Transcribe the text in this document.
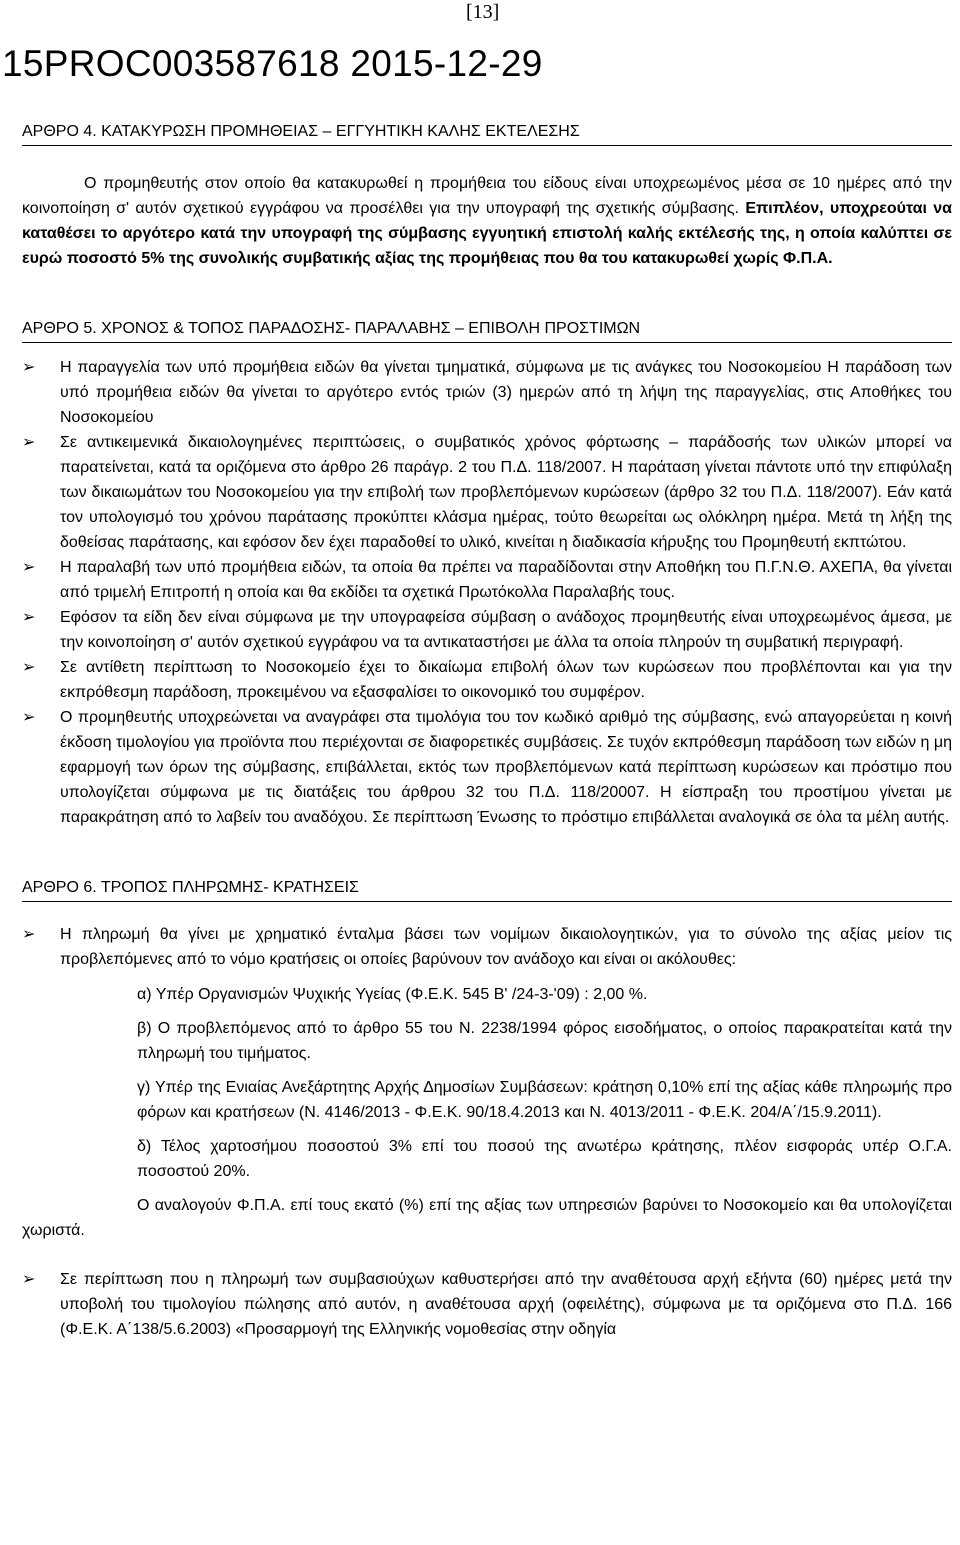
[13]
15PROC003587618 2015-12-29

ΑΡΘΡΟ 4. ΚΑΤΑΚΥΡΩΣΗ ΠΡΟΜΗΘΕΙΑΣ – ΕΓΓΥΗΤΙΚΗ ΚΑΛΗΣ ΕΚΤΕΛΕΣΗΣ

Ο προμηθευτής στον οποίο θα κατακυρωθεί η προμήθεια του είδους είναι υποχρεωμένος μέσα σε 10 ημέρες από την κοινοποίηση σ' αυτόν σχετικού εγγράφου να προσέλθει για την υπογραφή της σχετικής σύμβασης. Επιπλέον, υποχρεούται να καταθέσει το αργότερο κατά την υπογραφή της σύμβασης εγγυητική επιστολή καλής εκτέλεσής της, η οποία καλύπτει σε ευρώ ποσοστό 5% της συνολικής συμβατικής αξίας της προμήθειας που θα του κατακυρωθεί χωρίς Φ.Π.Α.

ΑΡΘΡΟ 5. ΧΡΟΝΟΣ & ΤΟΠΟΣ ΠΑΡΑΔΟΣΗΣ- ΠΑΡΑΛΑΒΗΣ – ΕΠΙΒΟΛΗ ΠΡΟΣΤΙΜΩΝ

➢	Η παραγγελία των υπό προμήθεια ειδών θα γίνεται τμηματικά, σύμφωνα με τις ανάγκες του Νοσοκομείου Η παράδοση των υπό προμήθεια ειδών θα γίνεται το αργότερο εντός τριών (3) ημερών από τη λήψη της παραγγελίας, στις Αποθήκες του Νοσοκομείου
➢	Σε αντικειμενικά δικαιολογημένες περιπτώσεις, ο συμβατικός χρόνος φόρτωσης – παράδοσής των υλικών μπορεί να παρατείνεται, κατά τα οριζόμενα στο άρθρο 26 παράγρ. 2 του Π.Δ. 118/2007. Η παράταση γίνεται πάντοτε υπό την επιφύλαξη των δικαιωμάτων του Νοσοκομείου για την επιβολή των προβλεπόμενων κυρώσεων (άρθρο 32 του Π.Δ. 118/2007). Εάν κατά τον υπολογισμό του χρόνου παράτασης προκύπτει κλάσμα ημέρας, τούτο θεωρείται ως ολόκληρη ημέρα. Μετά τη λήξη της δοθείσας παράτασης, και εφόσον δεν έχει παραδοθεί το υλικό, κινείται η διαδικασία κήρυξης του Προμηθευτή εκπτώτου.
➢	Η παραλαβή των υπό προμήθεια ειδών, τα οποία θα πρέπει να παραδίδονται στην Αποθήκη του Π.Γ.Ν.Θ. ΑΧΕΠΑ, θα γίνεται από τριμελή Επιτροπή η οποία και θα εκδίδει τα σχετικά Πρωτόκολλα Παραλαβής τους.
➢	Εφόσον τα είδη δεν είναι σύμφωνα με την υπογραφείσα σύμβαση ο ανάδοχος προμηθευτής είναι υποχρεωμένος άμεσα, με την κοινοποίηση σ' αυτόν σχετικού εγγράφου να τα αντικαταστήσει με άλλα τα οποία πληρούν τη συμβατική περιγραφή.
➢	Σε αντίθετη περίπτωση το Νοσοκομείο έχει το δικαίωμα επιβολή όλων των κυρώσεων που προβλέπονται και για την εκπρόθεσμη παράδοση, προκειμένου να εξασφαλίσει το οικονομικό του συμφέρον.
➢	Ο προμηθευτής υποχρεώνεται να αναγράφει στα τιμολόγια του τον κωδικό αριθμό της σύμβασης, ενώ απαγορεύεται η κοινή έκδοση τιμολογίου για προϊόντα που περιέχονται σε διαφορετικές συμβάσεις. Σε τυχόν εκπρόθεσμη παράδοση των ειδών η μη εφαρμογή των όρων της σύμβασης, επιβάλλεται, εκτός των προβλεπόμενων κατά περίπτωση κυρώσεων και πρόστιμο που υπολογίζεται σύμφωνα με τις διατάξεις του άρθρου 32 του Π.Δ. 118/20007. Η είσπραξη του προστίμου γίνεται με παρακράτηση από το λαβείν του αναδόχου. Σε περίπτωση Ένωσης το πρόστιμο επιβάλλεται αναλογικά σε όλα τα μέλη αυτής.

ΑΡΘΡΟ 6. ΤΡΟΠΟΣ ΠΛΗΡΩΜΗΣ- ΚΡΑΤΗΣΕΙΣ

➢	Η πληρωμή θα γίνει με χρηματικό ένταλμα βάσει των νομίμων δικαιολογητικών, για το σύνολο της αξίας μείον τις προβλεπόμενες από το νόμο κρατήσεις οι οποίες βαρύνουν τον ανάδοχο και είναι οι ακόλουθες:

α) Υπέρ Οργανισμών Ψυχικής Υγείας (Φ.Ε.Κ. 545 Β' /24-3-'09) : 2,00 %.

β) Ο προβλεπόμενος από το άρθρο 55 του Ν. 2238/1994 φόρος εισοδήματος, ο οποίος παρακρατείται κατά την πληρωμή του τιμήματος.

γ) Υπέρ της Ενιαίας Ανεξάρτητης Αρχής Δημοσίων Συμβάσεων: κράτηση 0,10% επί της αξίας κάθε πληρωμής προ φόρων και κρατήσεων (Ν. 4146/2013 - Φ.Ε.Κ. 90/18.4.2013 και Ν. 4013/2011 - Φ.Ε.Κ. 204/Α΄/15.9.2011).

δ) Τέλος χαρτοσήμου ποσοστού 3% επί του ποσού της ανωτέρω κράτησης, πλέον εισφοράς υπέρ Ο.Γ.Α. ποσοστού 20%.

Ο αναλογούν Φ.Π.Α. επί τους εκατό (%) επί της αξίας των υπηρεσιών βαρύνει το Νοσοκομείο και θα υπολογίζεται χωριστά.

➢	Σε περίπτωση που η πληρωμή των συμβασιούχων καθυστερήσει από την αναθέτουσα αρχή εξήντα (60) ημέρες μετά την υποβολή του τιμολογίου πώλησης από αυτόν, η αναθέτουσα αρχή (οφειλέτης), σύμφωνα με τα οριζόμενα στο Π.Δ. 166 (Φ.Ε.Κ. Α΄138/5.6.2003) «Προσαρμογή της Ελληνικής νομοθεσίας στην οδηγία
